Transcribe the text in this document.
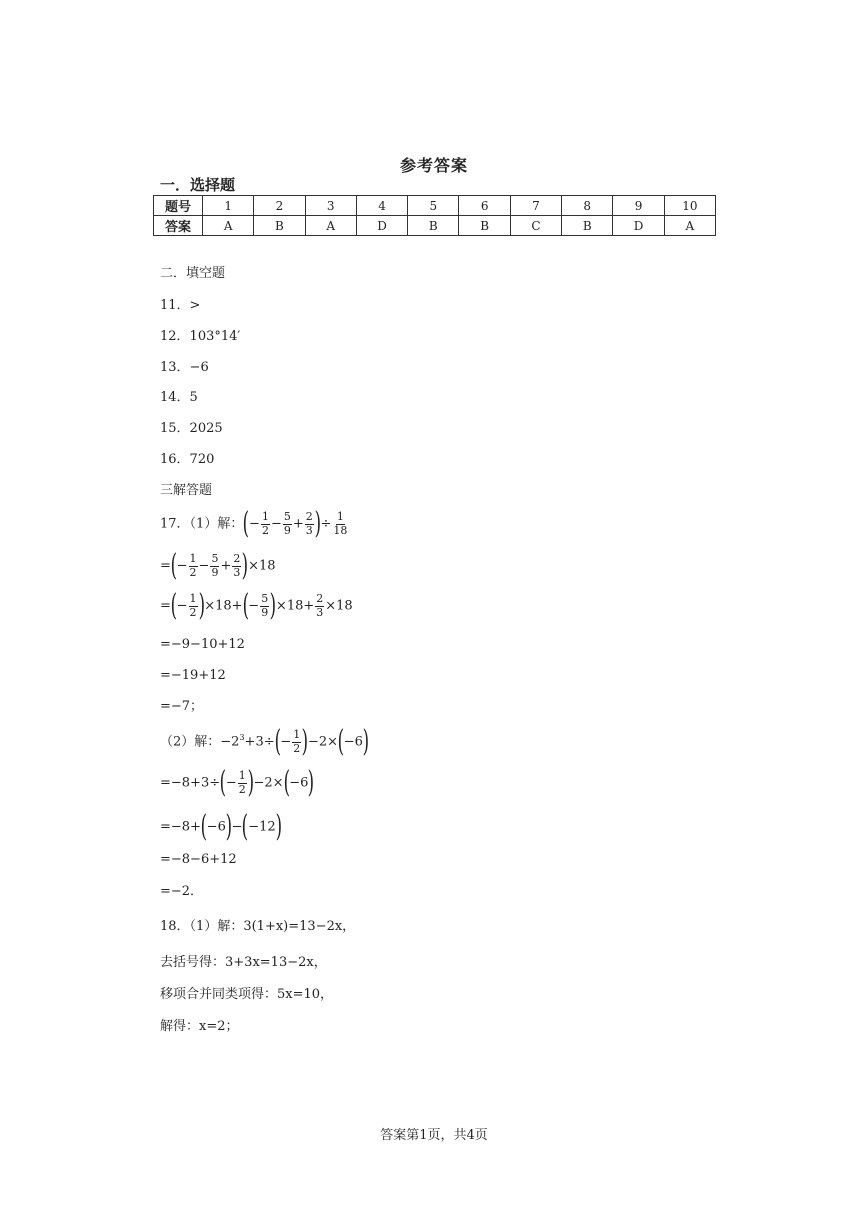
参考答案
一．选择题
题号	1	2	3	4	5	6	7	8	9	10
答案	A	B	A	D	B	B	C	B	D	A
二．填空题
11．>
12．103°14′
13．−6
14．5
15．2025
16．720
三解答题
17．（1）解：(− $\frac{1}{2} - \frac{5}{9} + \frac{2}{3}$ )÷ $\frac{1}{18}$
=(− $\frac{1}{2} - \frac{5}{9} + \frac{2}{3} )\times 18$
=(− $\frac{1}{2} )\times 18+(- \frac{5}{9} )\times 18+ \frac{2}{3} \times 18$
=−9−10+12
=−19+12
=−7；
（2）解：$-2^3+3\div(- \frac{1}{2} )-2\times(-6)$
$=-8+3\div(- \frac{1}{2} )-2\times(-6)$
=−8+(−6)−(−12)
=−8−6+12
=−2．
18．（1）解：3(1+x)=13−2x，
去括号得：3+3x=13−2x，
移项合并同类项得：5x=10，
解得：x=2；
答案第1页，共4页
